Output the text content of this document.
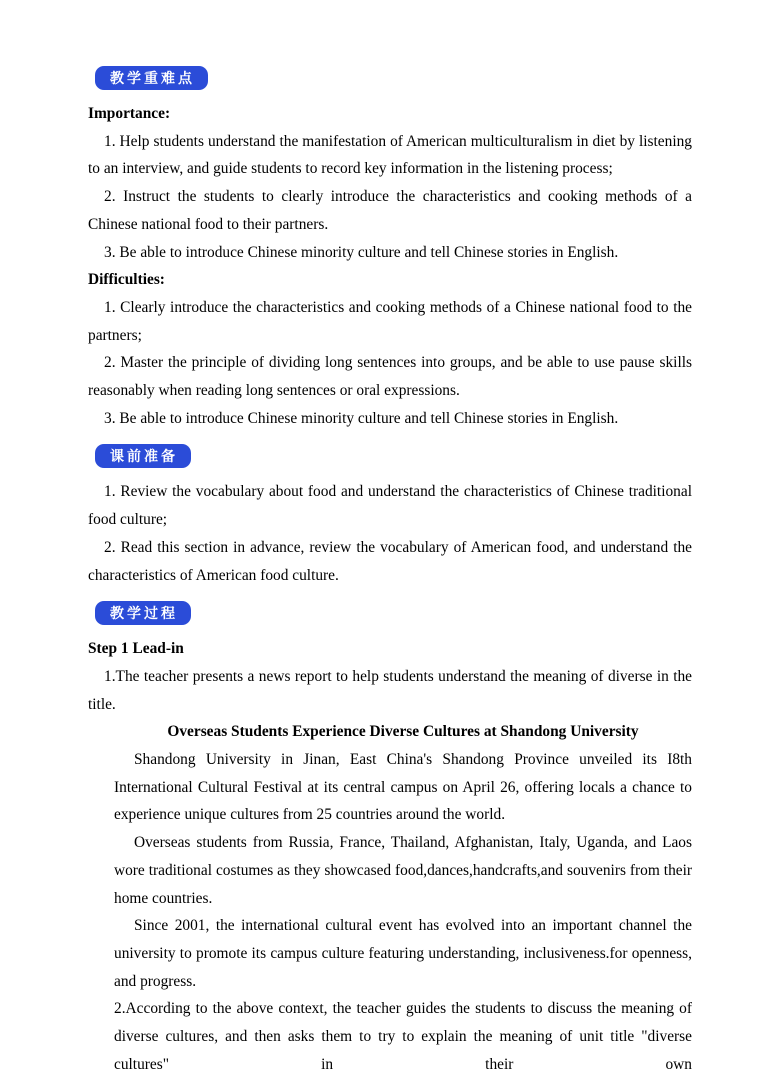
教学重难点

Importance:

1. Help students understand the manifestation of American multiculturalism in diet by listening to an interview, and guide students to record key information in the listening process;

2. Instruct the students to clearly introduce the characteristics and cooking methods of a Chinese national food to their partners.

3. Be able to introduce Chinese minority culture and tell Chinese stories in English.

Difficulties:

1. Clearly introduce the characteristics and cooking methods of a Chinese national food to the partners;

2. Master the principle of dividing long sentences into groups, and be able to use pause skills reasonably when reading long sentences or oral expressions.

3. Be able to introduce Chinese minority culture and tell Chinese stories in English.

课前准备

1. Review the vocabulary about food and understand the characteristics of Chinese traditional food culture;

2. Read this section in advance, review the vocabulary of American food, and understand the characteristics of American food culture.

教学过程

Step 1 Lead-in

1.The teacher presents a news report to help students understand the meaning of diverse in the title.

Overseas Students Experience Diverse Cultures at Shandong University

Shandong University in Jinan, East China's Shandong Province unveiled its I8th International Cultural Festival at its central campus on April 26, offering locals a chance to experience unique cultures from 25 countries around the world.

Overseas students from Russia, France, Thailand, Afghanistan, Italy, Uganda, and Laos wore traditional costumes as they showcased food,dances,handcrafts,and souvenirs from their home countries.

Since 2001, the international cultural event has evolved into an important channel the university to promote its campus culture featuring understanding, inclusiveness.for openness, and progress.

2.According to the above context, the teacher guides the students to discuss the meaning of diverse cultures, and then asks them to try to explain the meaning of unit title "diverse cultures" in their own
